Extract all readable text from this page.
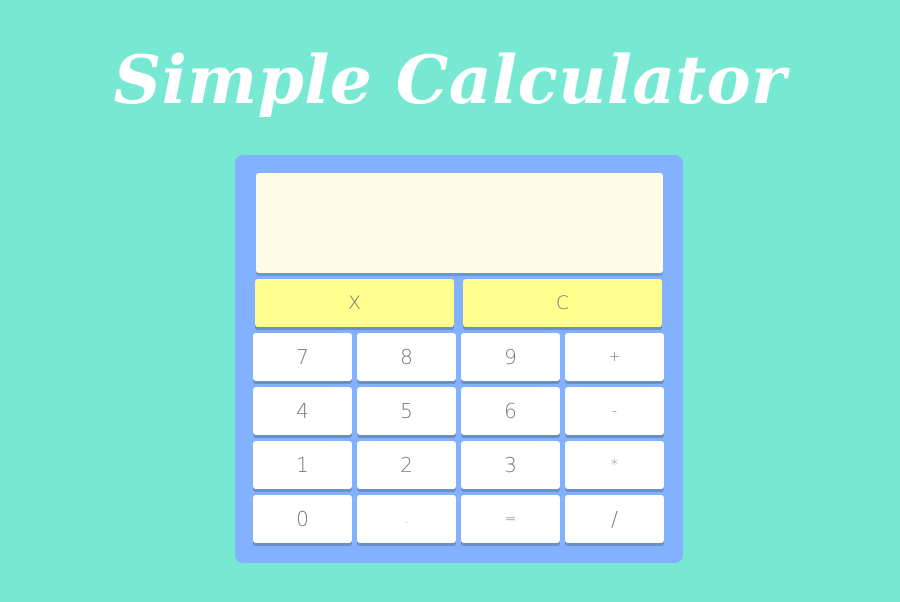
Simple Calculator
X	C
7	8	9	+
4	5	6	-
1	2	3	*
0	.	=	/
